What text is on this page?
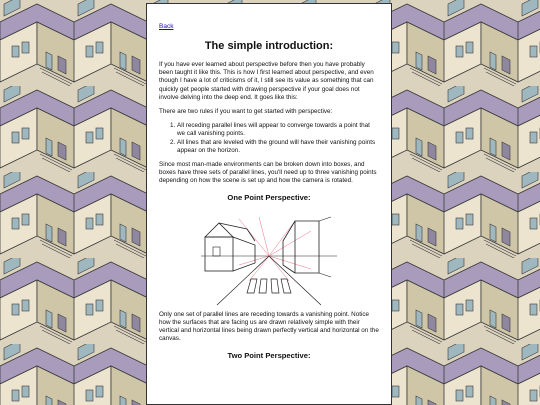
Back
The simple introduction:

If you have ever learned about perspective before then you have probably been taught it like this. This is how I first learned about perspective, and even though I have a lot of criticisms of it, I still see its value as something that can quickly get people started with drawing perspective if your goal does not involve delving into the deep end. It goes like this:

There are two rules if you want to get started with perspective:

1. All receding parallel lines will appear to converge towards a point that we call vanishing points.
2. All lines that are leveled with the ground will have their vanishing points appear on the horizon.

Since most man-made environments can be broken down into boxes, and boxes have three sets of parallel lines, you'll need up to three vanishing points depending on how the scene is set up and how the camera is rotated.

One Point Perspective:

Only one set of parallel lines are receding towards a vanishing point. Notice how the surfaces that are facing us are drawn relatively simple with their vertical and horizontal lines being drawn perfectly vertical and horizontal on the canvas.

Two Point Perspective:
